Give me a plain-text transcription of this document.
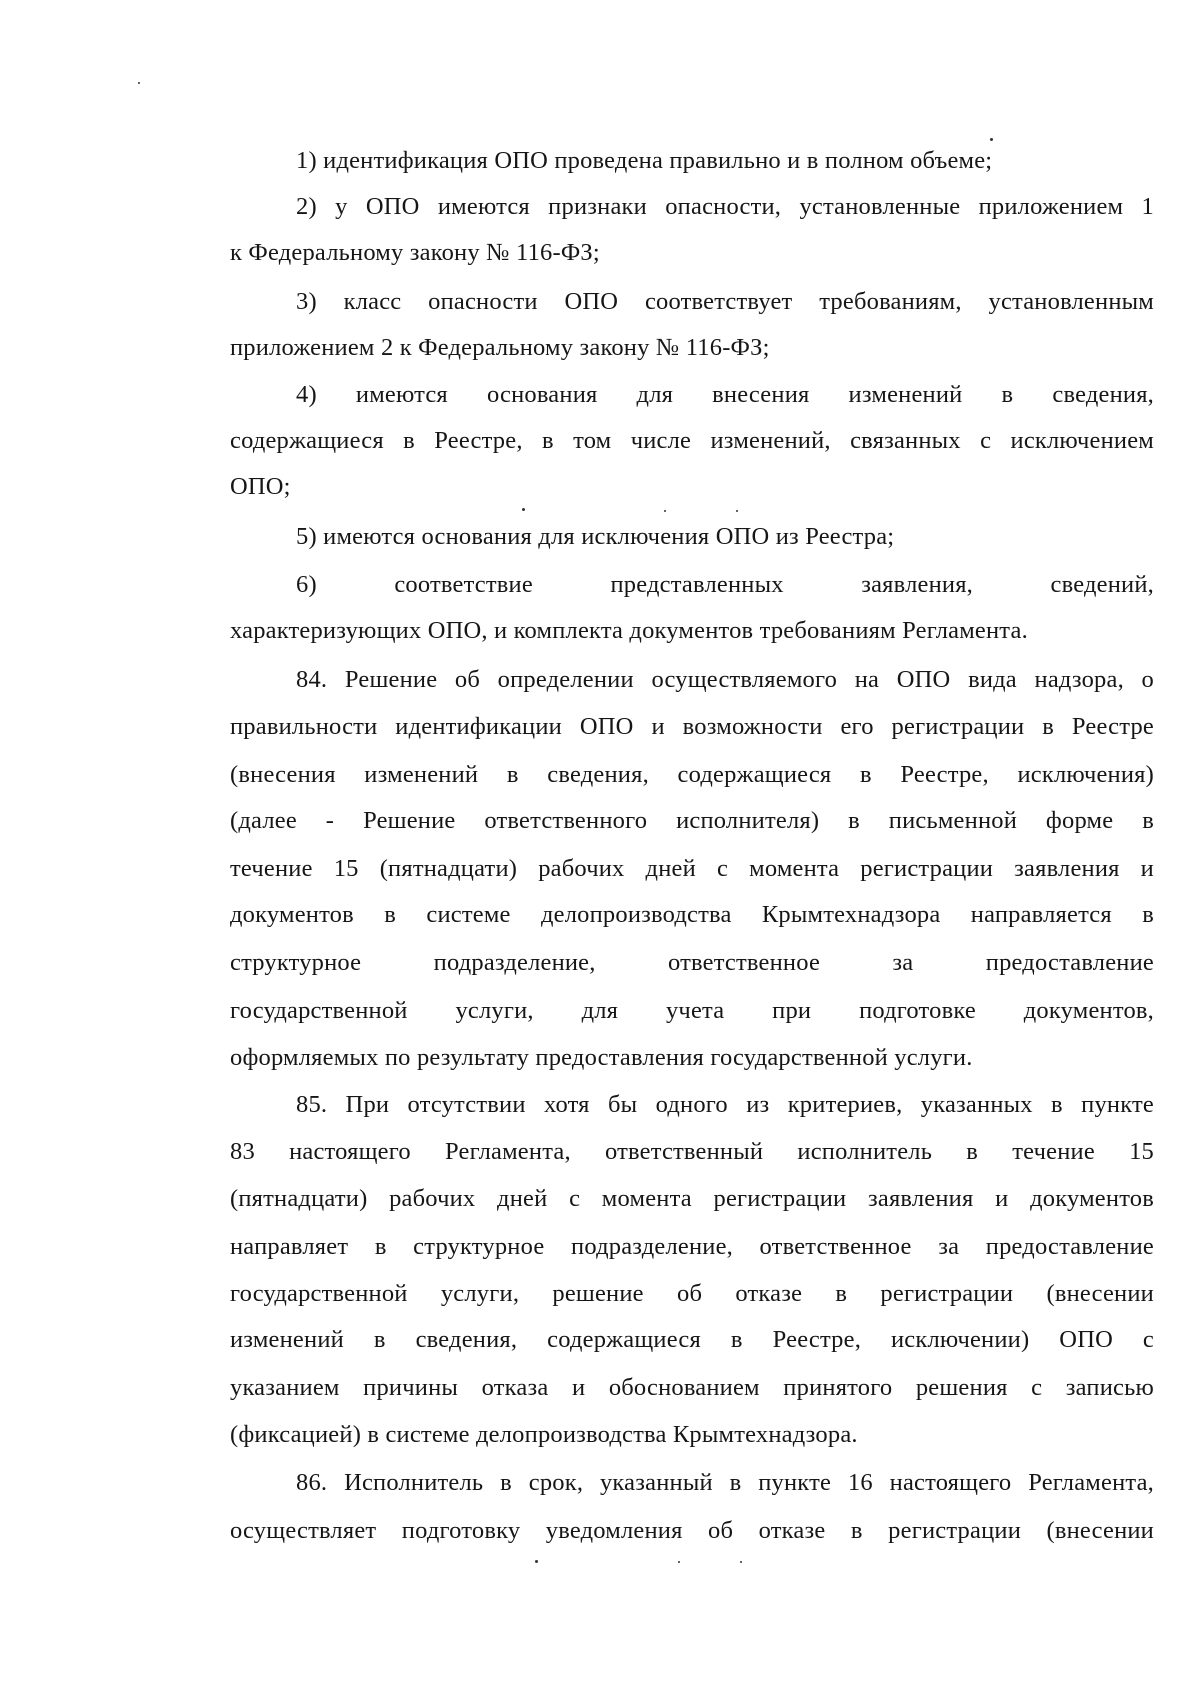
1) идентификация ОПО проведена правильно и в полном объеме;
2) у ОПО имеются признаки опасности, установленные приложением 1
к Федеральному закону № 116-ФЗ;
3) класс опасности ОПО соответствует требованиям, установленным
приложением 2 к Федеральному закону № 116-ФЗ;
4) имеются основания для внесения изменений в сведения,
содержащиеся в Реестре, в том числе изменений, связанных с исключением
ОПО;
5) имеются основания для исключения ОПО из Реестра;
6) соответствие представленных заявления, сведений,
характеризующих ОПО, и комплекта документов требованиям Регламента.
84. Решение об определении осуществляемого на ОПО вида надзора, о
правильности идентификации ОПО и возможности его регистрации в Реестре
(внесения изменений в сведения, содержащиеся в Реестре, исключения)
(далее - Решение ответственного исполнителя) в письменной форме в
течение 15 (пятнадцати) рабочих дней с момента регистрации заявления и
документов в системе делопроизводства Крымтехнадзора направляется в
структурное подразделение, ответственное за предоставление
государственной услуги, для учета при подготовке документов,
оформляемых по результату предоставления государственной услуги.
85. При отсутствии хотя бы одного из критериев, указанных в пункте
83 настоящего Регламента, ответственный исполнитель в течение 15
(пятнадцати) рабочих дней с момента регистрации заявления и документов
направляет в структурное подразделение, ответственное за предоставление
государственной услуги, решение об отказе в регистрации (внесении
изменений в сведения, содержащиеся в Реестре, исключении) ОПО с
указанием причины отказа и обоснованием принятого решения с записью
(фиксацией) в системе делопроизводства Крымтехнадзора.
86. Исполнитель в срок, указанный в пункте 16 настоящего Регламента,
осуществляет подготовку уведомления об отказе в регистрации (внесении
